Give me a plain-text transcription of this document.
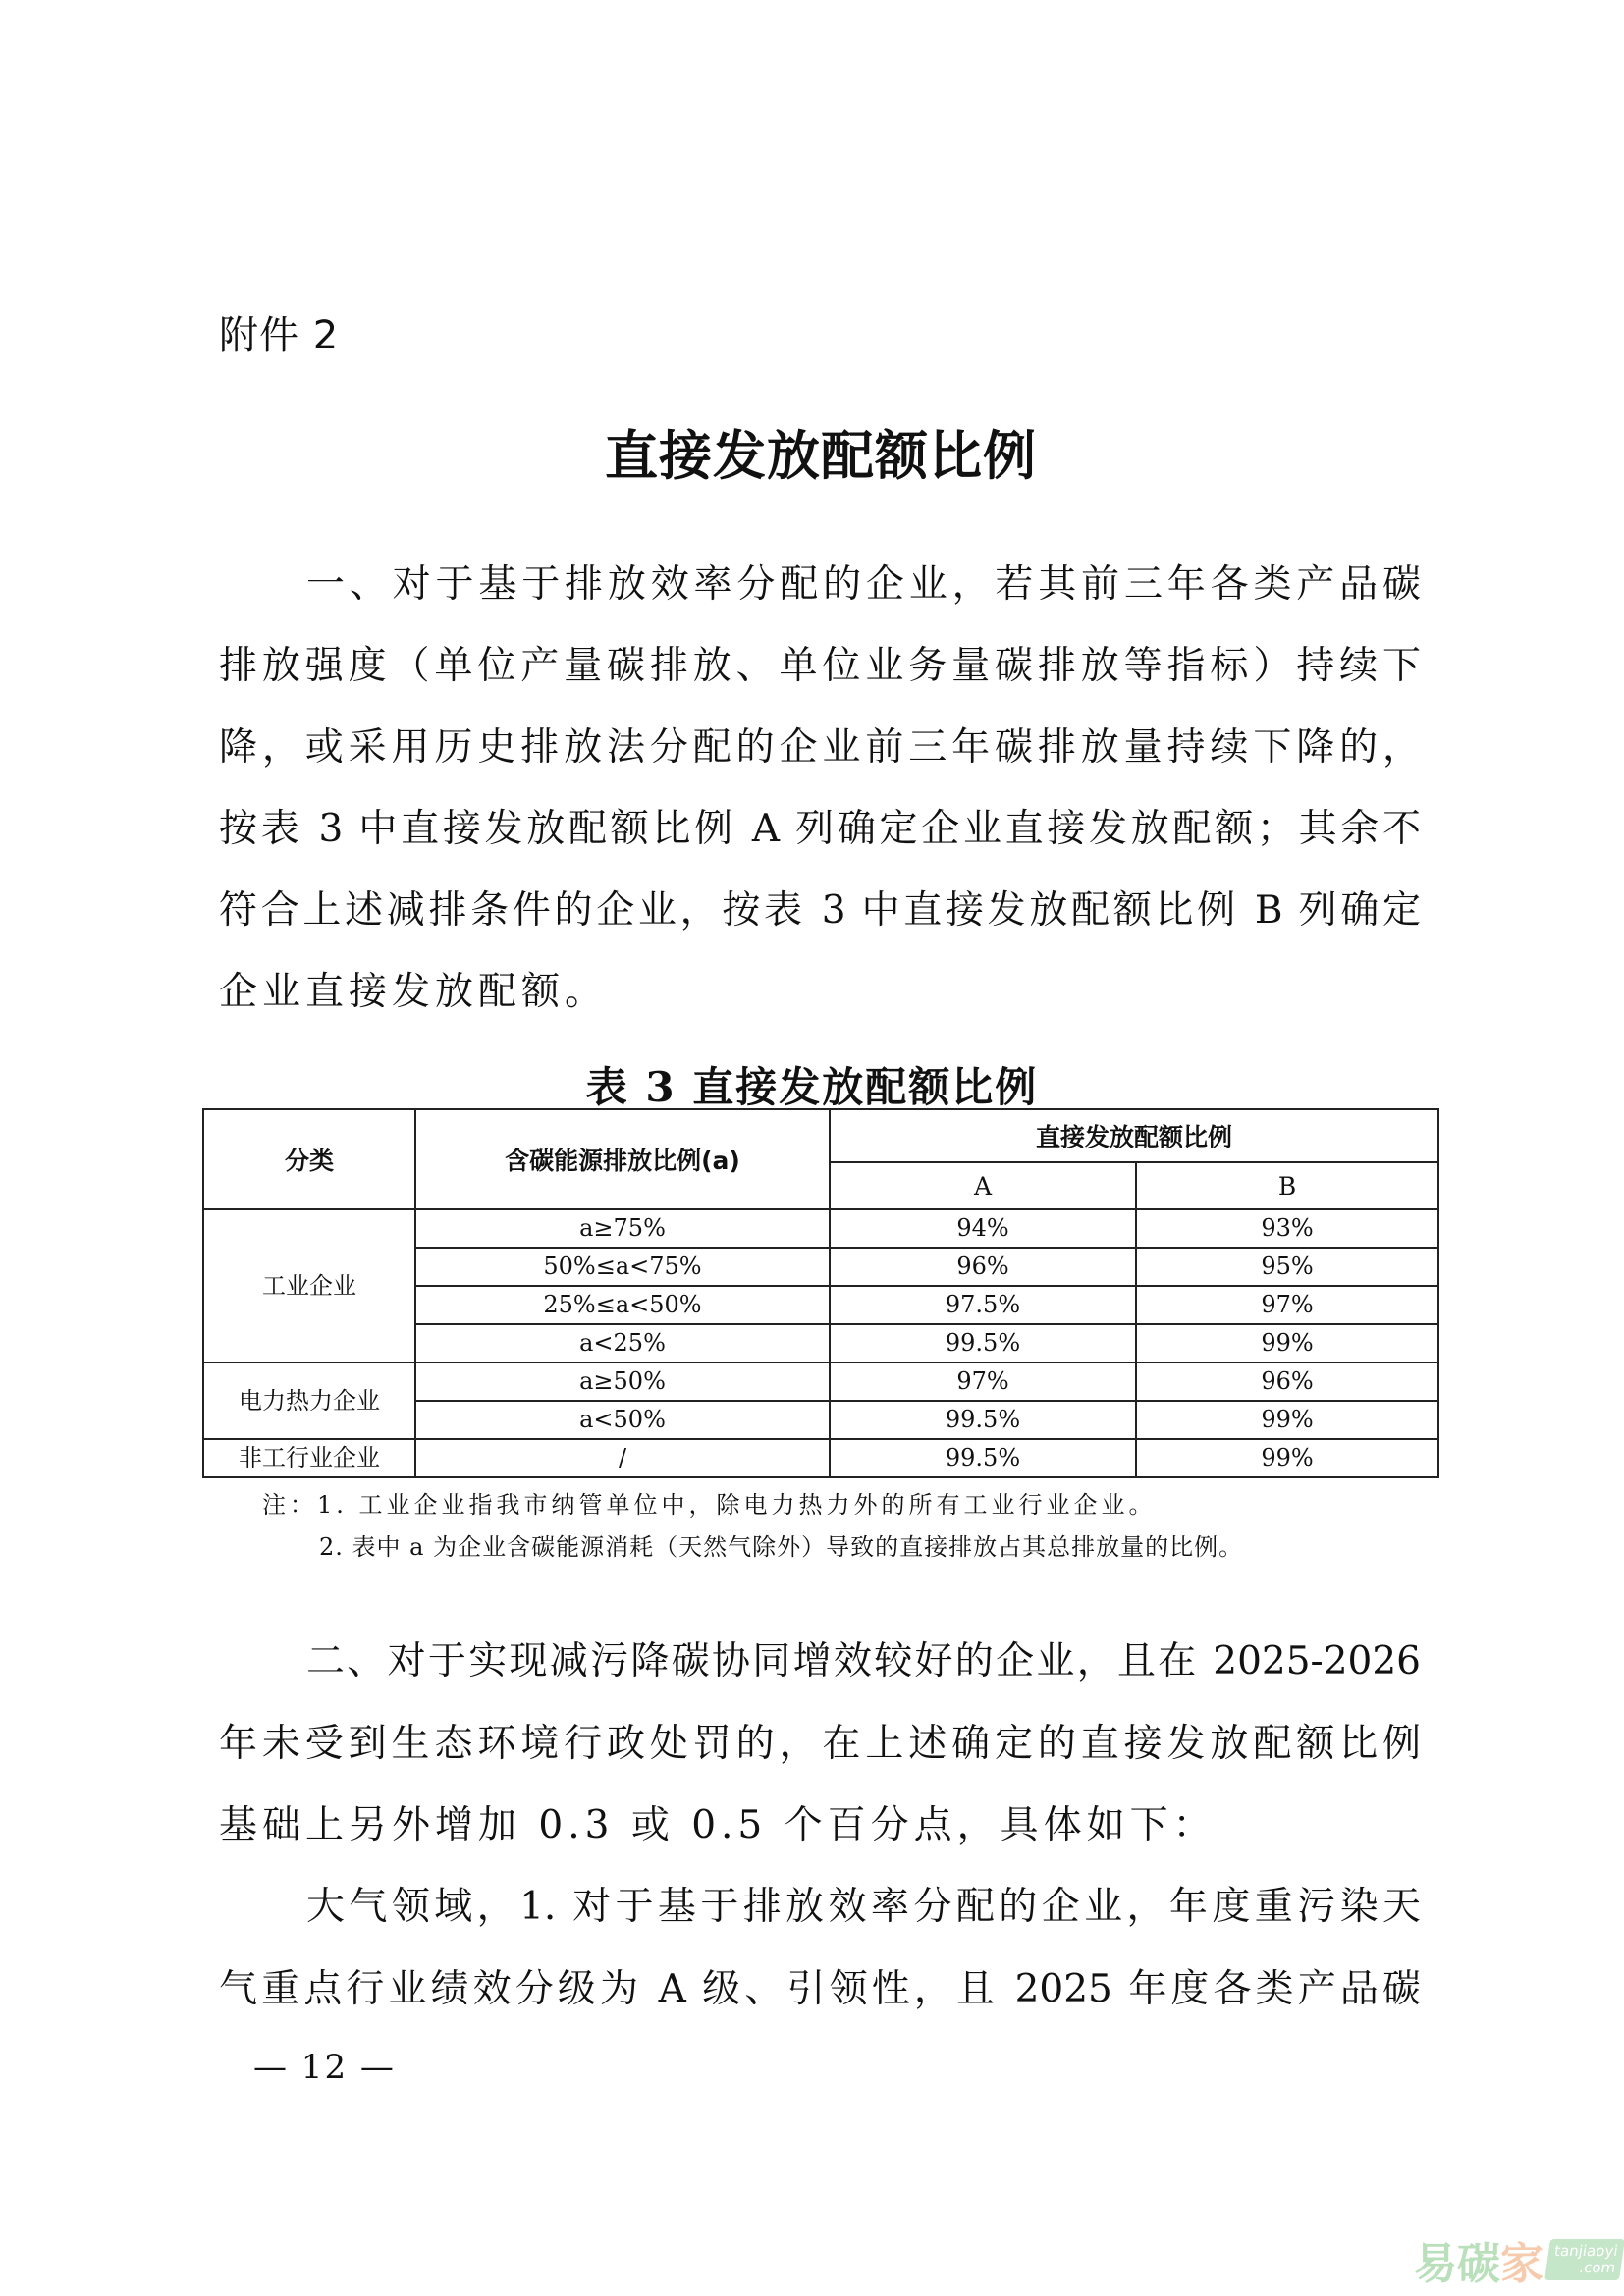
附件 2
直接发放配额比例
一、对于基于排放效率分配的企业，若其前三年各类产品碳
排放强度（单位产量碳排放、单位业务量碳排放等指标）持续下
降，或采用历史排放法分配的企业前三年碳排放量持续下降的，
按表 3 中直接发放配额比例 A 列确定企业直接发放配额；其余不
符合上述减排条件的企业，按表 3 中直接发放配额比例 B 列确定
企业直接发放配额。
表 3 直接发放配额比例
分类	含碳能源排放比例(a)	直接发放配额比例	
		A	B
工业企业	a≥75%	94%	93%
	50%≤a<75%	96%	95%
	25%≤a<50%	97.5%	97%
	a<25%	99.5%	99%
电力热力企业	a≥50%	97%	96%
	a<50%	99.5%	99%
非工行业企业	/	99.5%	99%
注：1. 工业企业指我市纳管单位中，除电力热力外的所有工业行业企业。
2. 表中 a 为企业含碳能源消耗（天然气除外）导致的直接排放占其总排放量的比例。
二、对于实现减污降碳协同增效较好的企业，且在 2025-2026
年未受到生态环境行政处罚的，在上述确定的直接发放配额比例
基础上另外增加 0.3 或 0.5 个百分点，具体如下：
大气领域，1. 对于基于排放效率分配的企业，年度重污染天
气重点行业绩效分级为 A 级、引领性，且 2025 年度各类产品碳
— 12 —
易碳 家 tanjiaoyi
.com
